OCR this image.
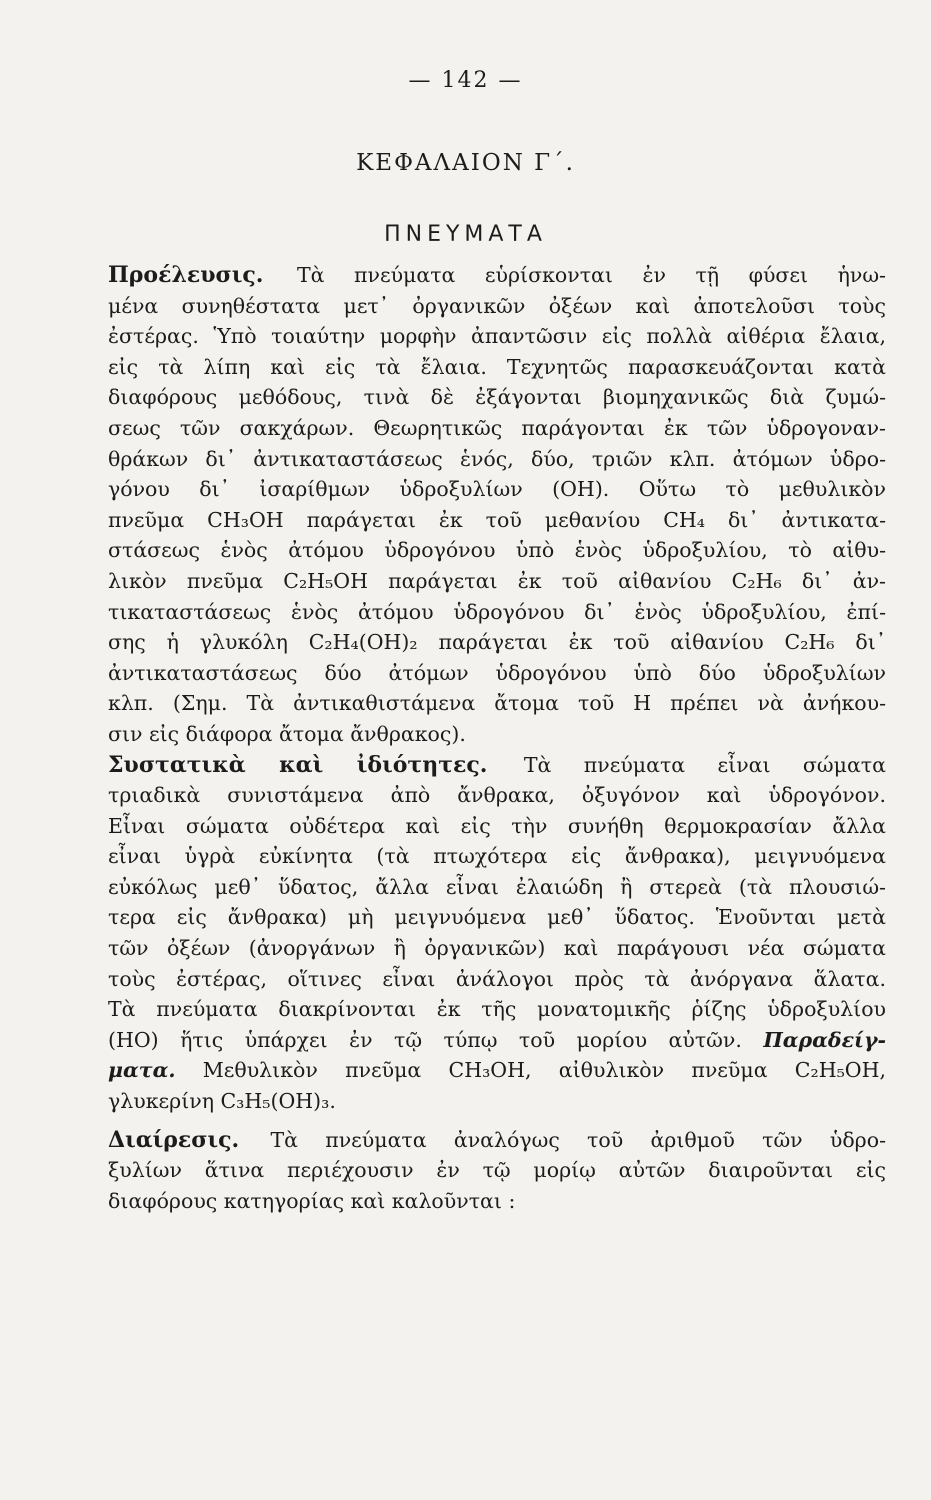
— 142 —
ΚΕΦΑΛΑΙΟΝ Γ΄.
ΠΝΕΥΜΑΤΑ
Προέλευσις. Τὰ πνεύματα εὑρίσκονται ἐν τῇ φύσει ἡνω-
μένα συνηθέστατα μετ᾽ ὀργανικῶν ὀξέων καὶ ἀποτελοῦσι τοὺς
ἐστέρας. Ὑπὸ τοιαύτην μορφὴν ἀπαντῶσιν εἰς πολλὰ αἰθέρια ἔλαια,
εἰς τὰ λίπη καὶ εἰς τὰ ἔλαια. Τεχνητῶς παρασκευάζονται κατὰ
διαφόρους μεθόδους, τινὰ δὲ ἐξάγονται βιομηχανικῶς διὰ ζυμώ-
σεως τῶν σακχάρων. Θεωρητικῶς παράγονται ἐκ τῶν ὑδρογοναν-
θράκων δι᾽ ἀντικαταστάσεως ἑνός, δύο, τριῶν κλπ. ἀτόμων ὑδρο-
γόνου δι᾽ ἰσαρίθμων ὑδροξυλίων (ΟΗ). Οὕτω τὸ μεθυλικὸν
πνεῦμα CH₃OH παράγεται ἐκ τοῦ μεθανίου CH₄ δι᾽ ἀντικατα-
στάσεως ἑνὸς ἀτόμου ὑδρογόνου ὑπὸ ἑνὸς ὑδροξυλίου, τὸ αἰθυ-
λικὸν πνεῦμα C₂H₅OH παράγεται ἐκ τοῦ αἰθανίου C₂H₆ δι᾽ ἀν-
τικαταστάσεως ἑνὸς ἀτόμου ὑδρογόνου δι᾽ ἑνὸς ὑδροξυλίου, ἐπί-
σης ἡ γλυκόλη C₂H₄(OH)₂ παράγεται ἐκ τοῦ αἰθανίου C₂H₆ δι᾽
ἀντικαταστάσεως δύο ἀτόμων ὑδρογόνου ὑπὸ δύο ὑδροξυλίων
κλπ. (Σημ. Τὰ ἀντικαθιστάμενα ἄτομα τοῦ Η πρέπει νὰ ἀνήκου-
σιν εἰς διάφορα ἄτομα ἄνθρακος).
Συστατικὰ καὶ ἰδιότητες. Τὰ πνεύματα εἶναι σώματα
τριαδικὰ συνιστάμενα ἀπὸ ἄνθρακα, ὀξυγόνον καὶ ὑδρογόνον.
Εἶναι σώματα οὐδέτερα καὶ εἰς τὴν συνήθη θερμοκρασίαν ἄλλα
εἶναι ὑγρὰ εὐκίνητα (τὰ πτωχότερα εἰς ἄνθρακα), μειγνυόμενα
εὐκόλως μεθ᾽ ὕδατος, ἄλλα εἶναι ἐλαιώδη ἢ στερεὰ (τὰ πλουσιώ-
τερα εἰς ἄνθρακα) μὴ μειγνυόμενα μεθ᾽ ὕδατος. Ἑνοῦνται μετὰ
τῶν ὀξέων (ἀνοργάνων ἢ ὀργανικῶν) καὶ παράγουσι νέα σώματα
τοὺς ἐστέρας, οἵτινες εἶναι ἀνάλογοι πρὸς τὰ ἀνόργανα ἅλατα.
Τὰ πνεύματα διακρίνονται ἐκ τῆς μονατομικῆς ῥίζης ὑδροξυλίου
(ΗΟ) ἥτις ὑπάρχει ἐν τῷ τύπῳ τοῦ μορίου αὐτῶν. Παραδείγ-
ματα. Μεθυλικὸν πνεῦμα CH₃OH, αἰθυλικὸν πνεῦμα C₂H₅OH,
γλυκερίνη C₃H₅(OH)₃.
Διαίρεσις. Τὰ πνεύματα ἀναλόγως τοῦ ἀριθμοῦ τῶν ὑδρο-
ξυλίων ἅτινα περιέχουσιν ἐν τῷ μορίῳ αὐτῶν διαιροῦνται εἰς
διαφόρους κατηγορίας καὶ καλοῦνται :
